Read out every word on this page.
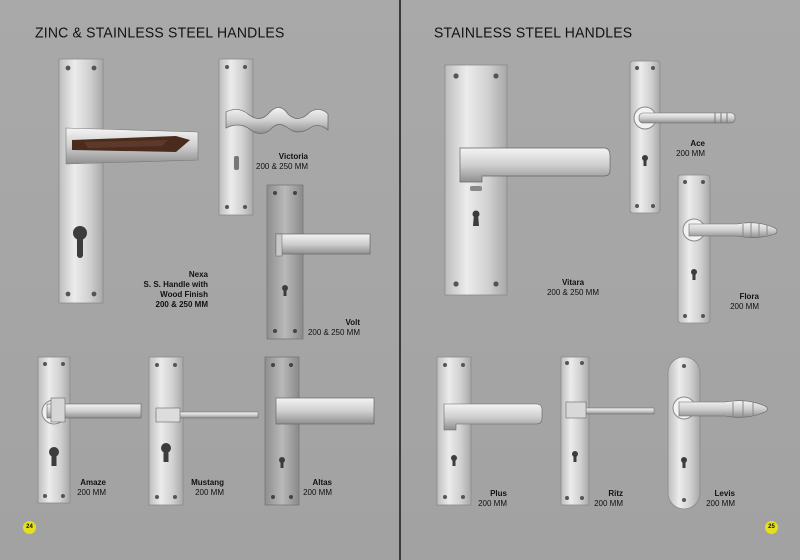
ZINC & STAINLESS STEEL HANDLES
Victoria
200 & 250 MM
Volt
200 & 250 MM
Nexa
S. S. Handle with
Wood Finish
200 & 250 MM
Amaze
200 MM
Mustang
200 MM
Altas
200 MM
24
STAINLESS STEEL HANDLES
Vitara
200 & 250 MM
Ace
200 MM
Flora
200 MM
Plus
200 MM
Ritz
200 MM
Levis
200 MM
25
